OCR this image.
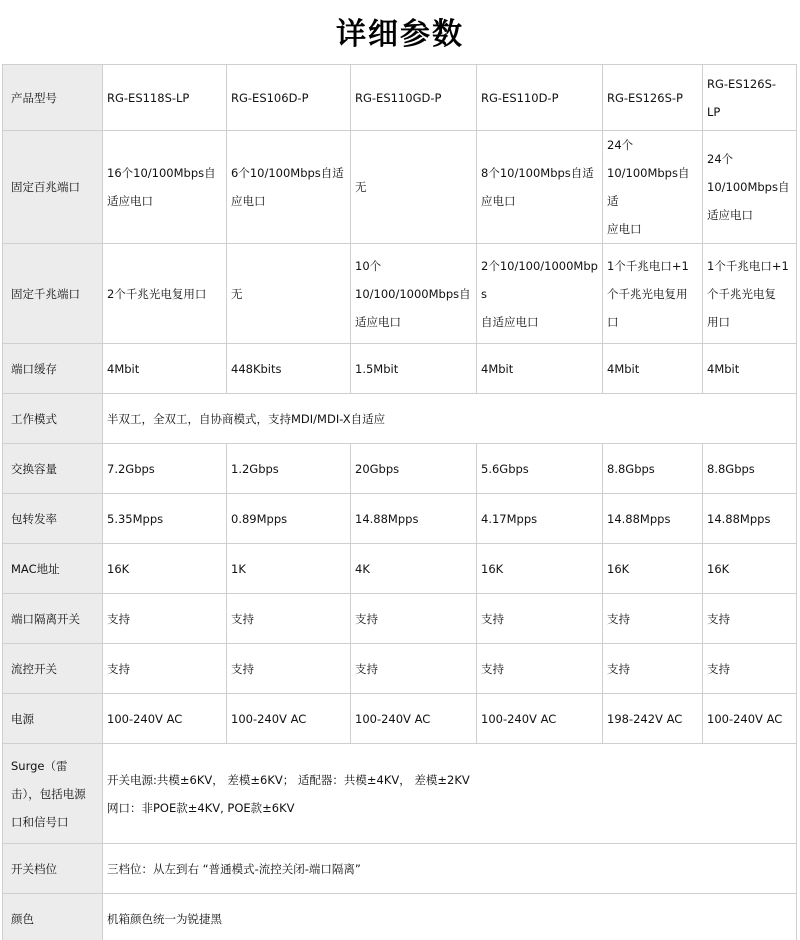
详细参数
产品型号	RG-ES118S-LP	RG-ES106D-P	RG-ES110GD-P	RG-ES110D-P	RG-ES126S-P	RG-ES126S-
LP

固定百兆端口	16个10/100Mbps自
适应电口	6个10/100Mbps自适
应电口	无	8个10/100Mbps自适
应电口	24个
10/100Mbps自适
应电口	24个
10/100Mbps自
适应电口

固定千兆端口	2个千兆光电复用口	无	10个
10/100/1000Mbps自
适应电口	2个10/100/1000Mbps
自适应电口	1个千兆电口+1
个千兆光电复用
口	1个千兆电口+1
个千兆光电复
用口

端口缓存	4Mbit	448Kbits	1.5Mbit	4Mbit	4Mbit	4Mbit

工作模式	半双工，全双工，自协商模式，支持MDI/MDI-X自适应					
交换容量	7.2Gbps	1.2Gbps	20Gbps	5.6Gbps	8.8Gbps	8.8Gbps

包转发率	5.35Mpps	0.89Mpps	14.88Mpps	4.17Mpps	14.88Mpps	14.88Mpps

MAC地址	16K	1K	4K	16K	16K	16K

端口隔离开关	支持	支持	支持	支持	支持	支持

流控开关	支持	支持	支持	支持	支持	支持

电源	100-240V AC	100-240V AC	100-240V AC	100-240V AC	198-242V AC	100-240V AC

Surge（雷
击），包括电源
口和信号口	开关电源:共模±6KV， 差模±6KV； 适配器：共模±4KV， 差模±2KV
网口：非POE款±4KV, POE款±6KV					

开关档位	三档位：从左到右 “普通模式-流控关闭-端口隔离”					
颜色	机箱颜色统一为锐捷黑					
